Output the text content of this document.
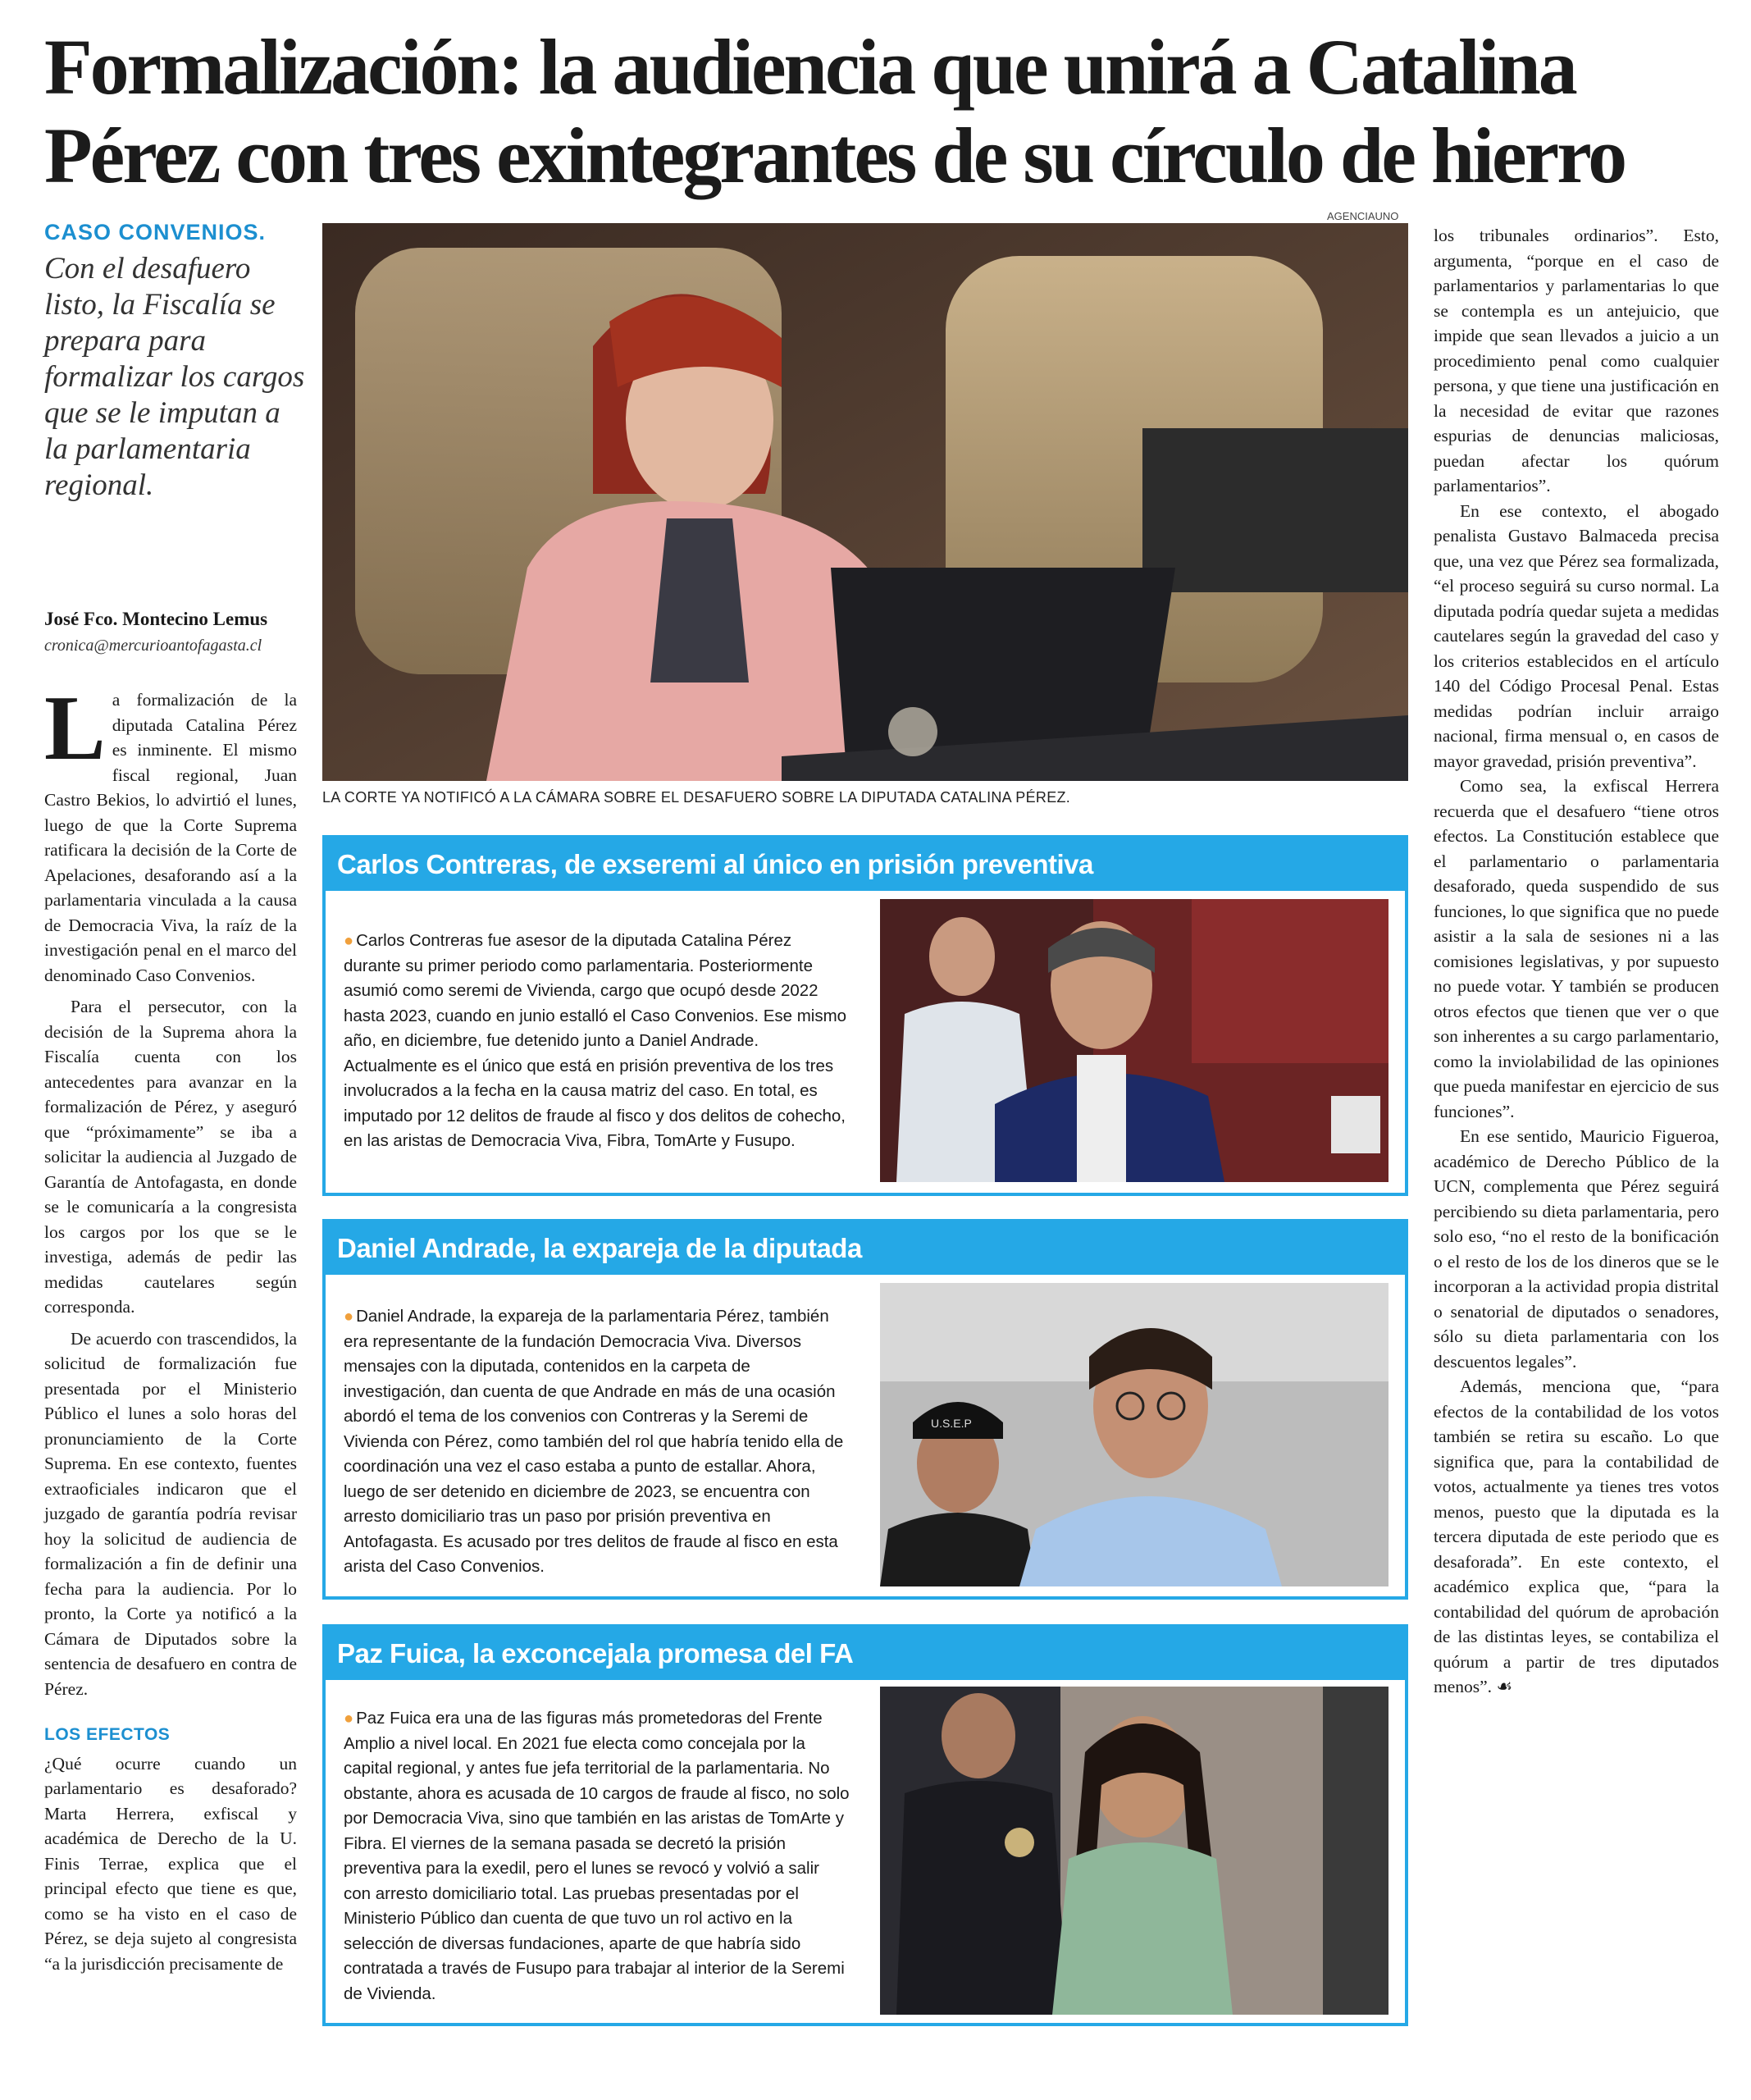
Formalización: la audiencia que unirá a Catalina Pérez con tres exintegrantes de su círculo de hierro
CASO CONVENIOS.
Con el desafuero listo, la Fiscalía se prepara para formalizar los cargos que se le imputan a la parlamentaria regional.
José Fco. Montecino Lemus
cronica@mercurioantofagasta.cl

La formalización de la diputada Catalina Pérez es inminente. El mismo fiscal regional, Juan Castro Bekios, lo advirtió el lunes, luego de que la Corte Suprema ratificara la decisión de la Corte de Apelaciones, desaforando así a la parlamentaria vinculada a la causa de Democracia Viva, la raíz de la investigación penal en el marco del denominado Caso Convenios.

Para el persecutor, con la decisión de la Suprema ahora la Fiscalía cuenta con los antecedentes para avanzar en la formalización de Pérez, y aseguró que “próximamente” se iba a solicitar la audiencia al Juzgado de Garantía de Antofagasta, en donde se le comunicaría a la congresista los cargos por los que se le investiga, además de pedir las medidas cautelares según corresponda.

De acuerdo con trascendidos, la solicitud de formalización fue presentada por el Ministerio Público el lunes a solo horas del pronunciamiento de la Corte Suprema. En ese contexto, fuentes extraoficiales indicaron que el juzgado de garantía podría revisar hoy la solicitud de audiencia de formalización a fin de definir una fecha para la audiencia. Por lo pronto, la Corte ya notificó a la Cámara de Diputados sobre la sentencia de desafuero en contra de Pérez.

LOS EFECTOS

¿Qué ocurre cuando un parlamentario es desaforado? Marta Herrera, exfiscal y académica de Derecho de la U. Finis Terrae, explica que el principal efecto que tiene es que, como se ha visto en el caso de Pérez, se deja sujeto al congresista “a la jurisdicción precisamente de

AGENCIAUNO
LA CORTE YA NOTIFICÓ A LA CÁMARA SOBRE EL DESAFUERO SOBRE LA DIPUTADA CATALINA PÉREZ.
Carlos Contreras, de exseremi al único en prisión preventiva
● Carlos Contreras fue asesor de la diputada Catalina Pérez durante su primer periodo como parlamentaria. Posteriormente asumió como seremi de Vivienda, cargo que ocupó desde 2022 hasta 2023, cuando en junio estalló el Caso Convenios. Ese mismo año, en diciembre, fue detenido junto a Daniel Andrade. Actualmente es el único que está en prisión preventiva de los tres involucrados a la fecha en la causa matriz del caso. En total, es imputado por 12 delitos de fraude al fisco y dos delitos de cohecho, en las aristas de Democracia Viva, Fibra, TomArte y Fusupo.
Daniel Andrade, la expareja de la diputada
● Daniel Andrade, la expareja de la parlamentaria Pérez, también era representante de la fundación Democracia Viva. Diversos mensajes con la diputada, contenidos en la carpeta de investigación, dan cuenta de que Andrade en más de una ocasión abordó el tema de los convenios con Contreras y la Seremi de Vivienda con Pérez, como también del rol que habría tenido ella de coordinación una vez el caso estaba a punto de estallar. Ahora, luego de ser detenido en diciembre de 2023, se encuentra con arresto domiciliario tras un paso por prisión preventiva en Antofagasta. Es acusado por tres delitos de fraude al fisco en esta arista del Caso Convenios.
U.S.E.P
Paz Fuica, la exconcejala promesa del FA
● Paz Fuica era una de las figuras más prometedoras del Frente Amplio a nivel local. En 2021 fue electa como concejala por la capital regional, y antes fue jefa territorial de la parlamentaria. No obstante, ahora es acusada de 10 cargos de fraude al fisco, no solo por Democracia Viva, sino que también en las aristas de TomArte y Fibra. El viernes de la semana pasada se decretó la prisión preventiva para la exedil, pero el lunes se revocó y volvió a salir con arresto domiciliario total. Las pruebas presentadas por el Ministerio Público dan cuenta de que tuvo un rol activo en la selección de diversas fundaciones, aparte de que habría sido contratada a través de Fusupo para trabajar al interior de la Seremi de Vivienda.

los tribunales ordinarios”. Esto, argumenta, “porque en el caso de parlamentarios y parlamentarias lo que se contempla es un antejuicio, que impide que sean llevados a juicio a un procedimiento penal como cualquier persona, y que tiene una justificación en la necesidad de evitar que razones espurias de denuncias maliciosas, puedan afectar los quórum parlamentarios”.

En ese contexto, el abogado penalista Gustavo Balmaceda precisa que, una vez que Pérez sea formalizada, “el proceso seguirá su curso normal. La diputada podría quedar sujeta a medidas cautelares según la gravedad del caso y los criterios establecidos en el artículo 140 del Código Procesal Penal. Estas medidas podrían incluir arraigo nacional, firma mensual o, en casos de mayor gravedad, prisión preventiva”.

Como sea, la exfiscal Herrera recuerda que el desafuero “tiene otros efectos. La Constitución establece que el parlamentario o parlamentaria desaforado, queda suspendido de sus funciones, lo que significa que no puede asistir a la sala de sesiones ni a las comisiones legislativas, y por supuesto no puede votar. Y también se producen otros efectos que tienen que ver o que son inherentes a su cargo parlamentario, como la inviolabilidad de las opiniones que pueda manifestar en ejercicio de sus funciones”.

En ese sentido, Mauricio Figueroa, académico de Derecho Público de la UCN, complementa que Pérez seguirá percibiendo su dieta parlamentaria, pero solo eso, “no el resto de la bonificación o el resto de los de los dineros que se le incorporan a la actividad propia distrital o senatorial de diputados o senadores, sólo su dieta parlamentaria con los descuentos legales”.

Además, menciona que, “para efectos de la contabilidad de los votos también se retira su escaño. Lo que significa que, para la contabilidad de votos, actualmente ya tienes tres votos menos, puesto que la diputada es la tercera diputada de este periodo que es desaforada”. En este contexto, el académico explica que, “para la contabilidad del quórum de aprobación de las distintas leyes, se contabiliza el quórum a partir de tres diputados menos”. ☙
